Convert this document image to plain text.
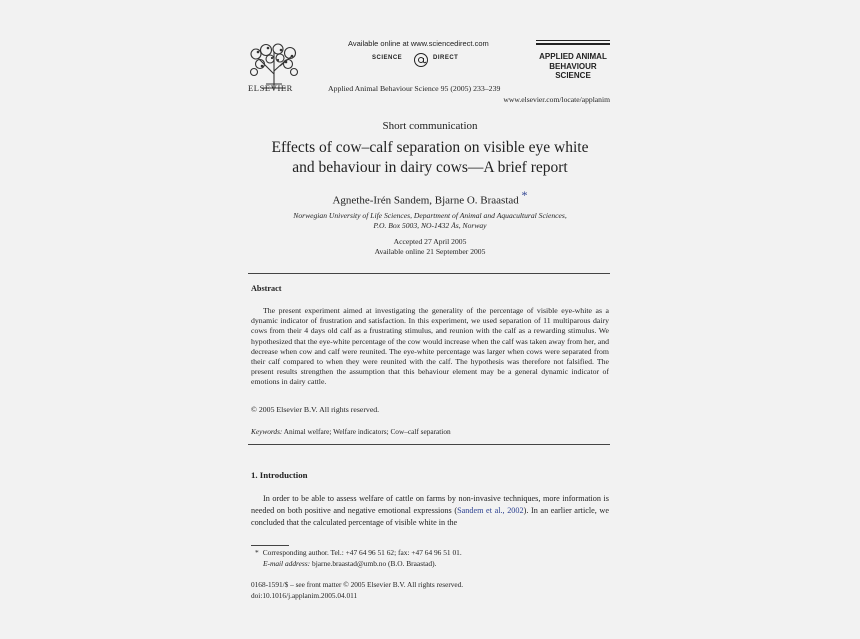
ELSEVIER
Available online at www.sciencedirect.com
SCIENCE	DIRECT
Applied Animal Behaviour Science 95 (2005) 233–239
APPLIED ANIMAL
BEHAVIOUR
SCIENCE
www.elsevier.com/locate/applanim
Short communication
Effects of cow–calf separation on visible eye white
and behaviour in dairy cows—A brief report
Agnethe-Irén Sandem, Bjarne O. Braastad *
Norwegian University of Life Sciences, Department of Animal and Aquacultural Sciences,
P.O. Box 5003, NO-1432 Ås, Norway
Accepted 27 April 2005
Available online 21 September 2005
Abstract

The present experiment aimed at investigating the generality of the percentage of visible eye-white as a dynamic indicator of frustration and satisfaction. In this experiment, we used separation of 11 multiparous dairy cows from their 4 days old calf as a frustrating stimulus, and reunion with the calf as a rewarding stimulus. We hypothesized that the eye-white percentage of the cow would increase when the calf was taken away from her, and decrease when cow and calf were reunited. The eye-white percentage was larger when cows were separated from their calf compared to when they were reunited with the calf. The hypothesis was therefore not falsified. The present results strengthen the assumption that this behaviour element may be a general dynamic indicator of emotions in dairy cattle.

© 2005 Elsevier B.V. All rights reserved.
Keywords: Animal welfare; Welfare indicators; Cow–calf separation
1. Introduction

In order to be able to assess welfare of cattle on farms by non-invasive techniques, more information is needed on both positive and negative emotional expressions (Sandem et al., 2002). In an earlier article, we concluded that the calculated percentage of visible white in the

* Corresponding author. Tel.: +47 64 96 51 62; fax: +47 64 96 51 01.
E-mail address: bjarne.braastad@umb.no (B.O. Braastad).
0168-1591/$ – see front matter © 2005 Elsevier B.V. All rights reserved.
doi:10.1016/j.applanim.2005.04.011
